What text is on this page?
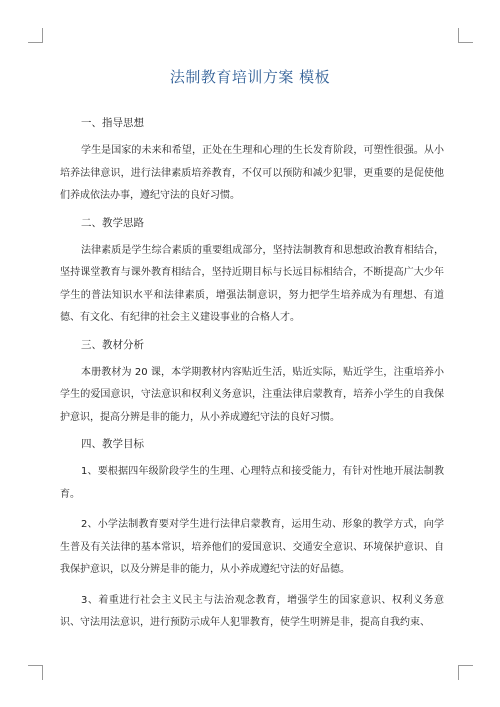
法制教育培训方案 模板
一、指导思想

学生是国家的未来和希望，正处在生理和心理的生长发育阶段，可塑性很强。从小培养法律意识，进行法律素质培养教育，不仅可以预防和减少犯罪，更重要的是促使他们养成依法办事，遵纪守法的良好习惯。

二、教学思路

法律素质是学生综合素质的重要组成部分，坚持法制教育和思想政治教育相结合，坚持课堂教育与课外教育相结合，坚持近期目标与长远目标相结合，不断提高广大少年学生的普法知识水平和法律素质，增强法制意识，努力把学生培养成为有理想、有道德、有文化、有纪律的社会主义建设事业的合格人才。

三、教材分析

本册教材为 20 课，本学期教材内容贴近生活，贴近实际，贴近学生，注重培养小学生的爱国意识，守法意识和权利义务意识，注重法律启蒙教育，培养小学生的自我保护意识，提高分辨是非的能力，从小养成遵纪守法的良好习惯。

四、教学目标

1、要根据四年级阶段学生的生理、心理特点和接受能力，有针对性地开展法制教育。

2、小学法制教育要对学生进行法律启蒙教育，运用生动、形象的教学方式，向学生普及有关法律的基本常识，培养他们的爱国意识、交通安全意识、环境保护意识、自我保护意识，以及分辨是非的能力，从小养成遵纪守法的好品德。

3、着重进行社会主义民主与法治观念教育，增强学生的国家意识、权利义务意识、守法用法意识，进行预防示成年人犯罪教育，使学生明辨是非，提高自我约束、
